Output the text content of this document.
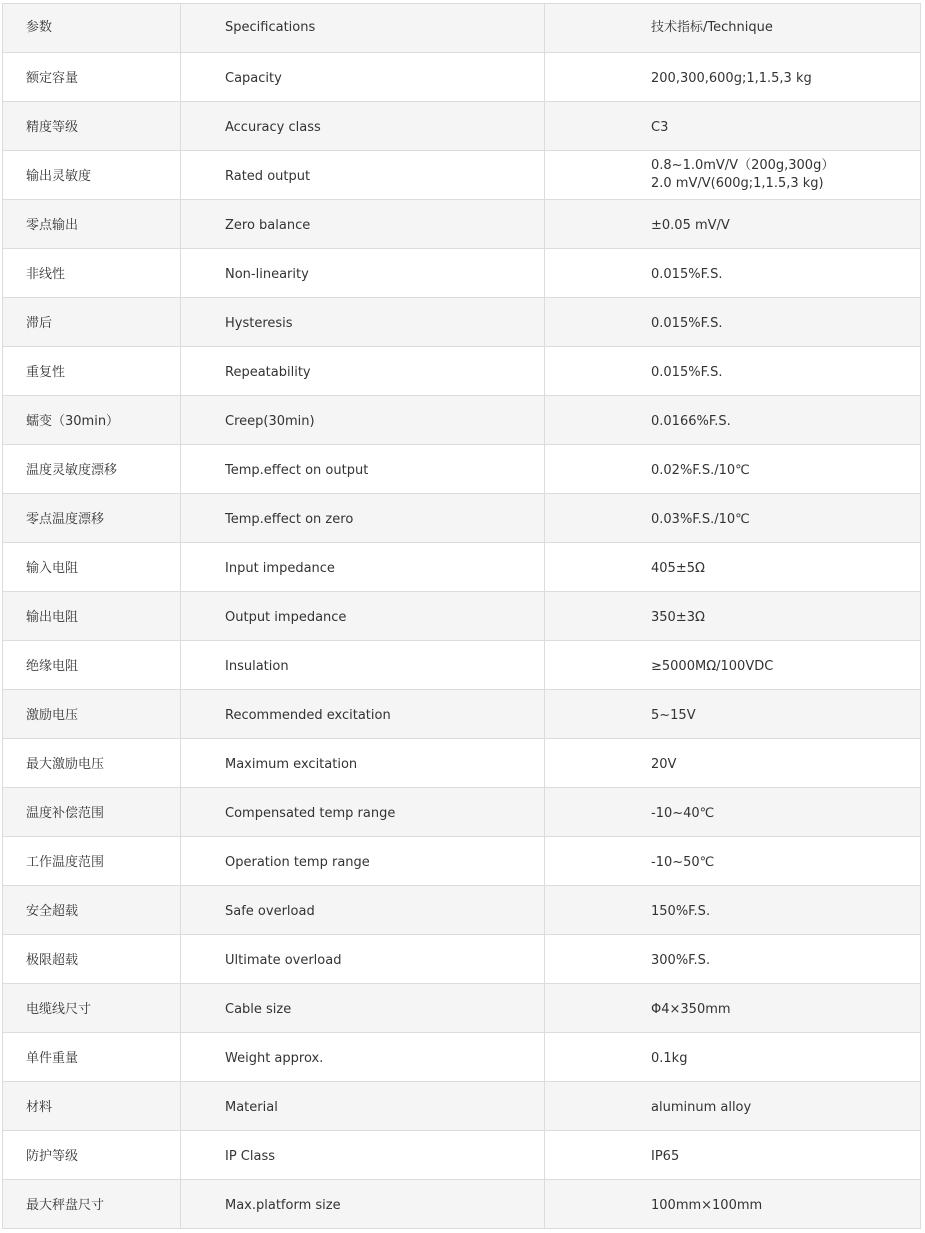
参数	Specifications	技术指标/Technique

额定容量	Capacity	200,300,600g;1,1.5,3 kg

精度等级	Accuracy class	C3

输出灵敏度	Rated output	0.8~1.0mV/V（200g,300g）
2.0 mV/V(600g;1,1.5,3 kg)

零点输出	Zero balance	±0.05 mV/V

非线性	Non-linearity	0.015%F.S.

滞后	Hysteresis	0.015%F.S.

重复性	Repeatability	0.015%F.S.

蠕变（30min）	Creep(30min)	0.0166%F.S.

温度灵敏度漂移	Temp.effect on output	0.02%F.S./10℃

零点温度漂移	Temp.effect on zero	0.03%F.S./10℃

输入电阻	Input impedance	405±5Ω

输出电阻	Output impedance	350±3Ω

绝缘电阻	Insulation	≥5000MΩ/100VDC

激励电压	Recommended excitation	5~15V

最大激励电压	Maximum excitation	20V

温度补偿范围	Compensated temp range	-10~40℃

工作温度范围	Operation temp range	-10~50℃

安全超载	Safe overload	150%F.S.

极限超载	Ultimate overload	300%F.S.

电缆线尺寸	Cable size	Φ4×350mm

单件重量	Weight approx.	0.1kg

材料	Material	aluminum alloy

防护等级	IP Class	IP65

最大秤盘尺寸	Max.platform size	100mm×100mm
